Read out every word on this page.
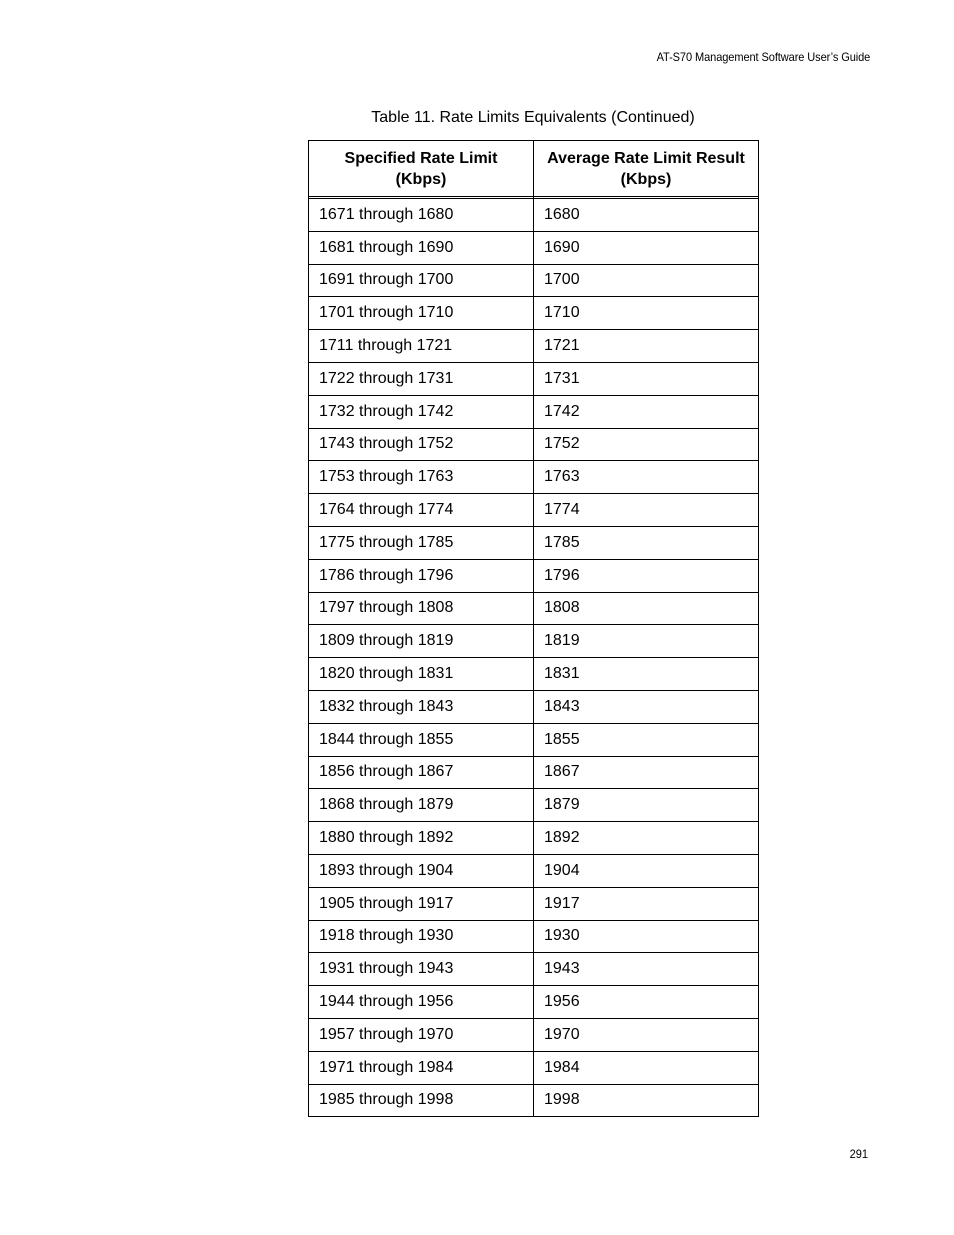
AT-S70 Management Software User’s Guide
Table 11. Rate Limits Equivalents (Continued)
Specified Rate Limit (Kbps)	Average Rate Limit Result (Kbps)

1671 through 1680	1680
1681 through 1690	1690
1691 through 1700	1700
1701 through 1710	1710
1711 through 1721	1721
1722 through 1731	1731
1732 through 1742	1742
1743 through 1752	1752
1753 through 1763	1763
1764 through 1774	1774
1775 through 1785	1785
1786 through 1796	1796
1797 through 1808	1808
1809 through 1819	1819
1820 through 1831	1831
1832 through 1843	1843
1844 through 1855	1855
1856 through 1867	1867
1868 through 1879	1879
1880 through 1892	1892
1893 through 1904	1904
1905 through 1917	1917
1918 through 1930	1930
1931 through 1943	1943
1944 through 1956	1956
1957 through 1970	1970
1971 through 1984	1984
1985 through 1998	1998
291
